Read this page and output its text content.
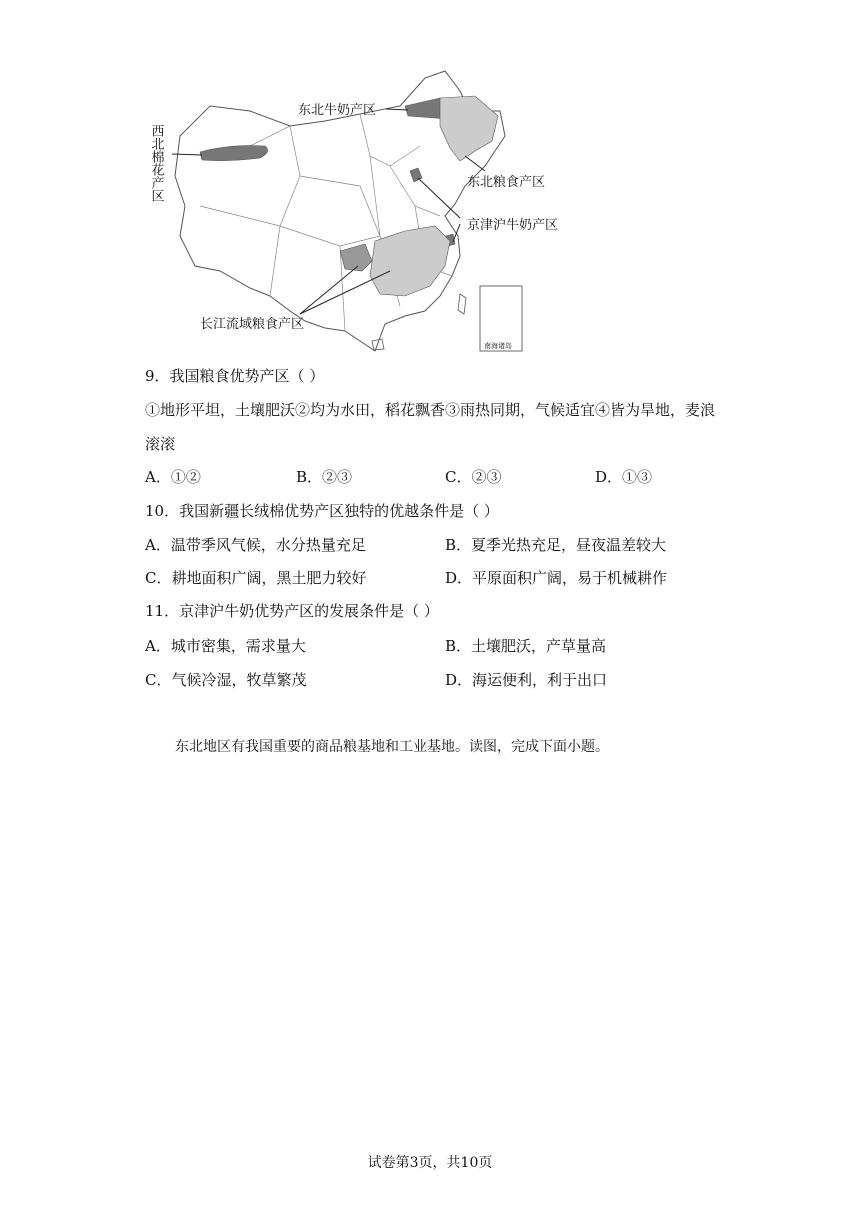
南海诸岛
西北棉花产区
东北牛奶产区
东北粮食产区
京津沪牛奶产区
长江流域粮食产区
9．我国粮食优势产区（ ）
①地形平坦，土壤肥沃②均为水田，稻花飘香③雨热同期，气候适宜④皆为旱地，麦浪
滚滚
A．①②	B．②③	C．②③	D．①③
10．我国新疆长绒棉优势产区独特的优越条件是（ ）
A．温带季风气候，水分热量充足	B．夏季光热充足，昼夜温差较大
C．耕地面积广阔，黑土肥力较好	D．平原面积广阔，易于机械耕作
11．京津沪牛奶优势产区的发展条件是（ ）
A．城市密集，需求量大	B．土壤肥沃，产草量高
C．气候冷湿，牧草繁茂	D．海运便利，利于出口
东北地区有我国重要的商品粮基地和工业基地。读图，完成下面小题。
试卷第3页，共10页
